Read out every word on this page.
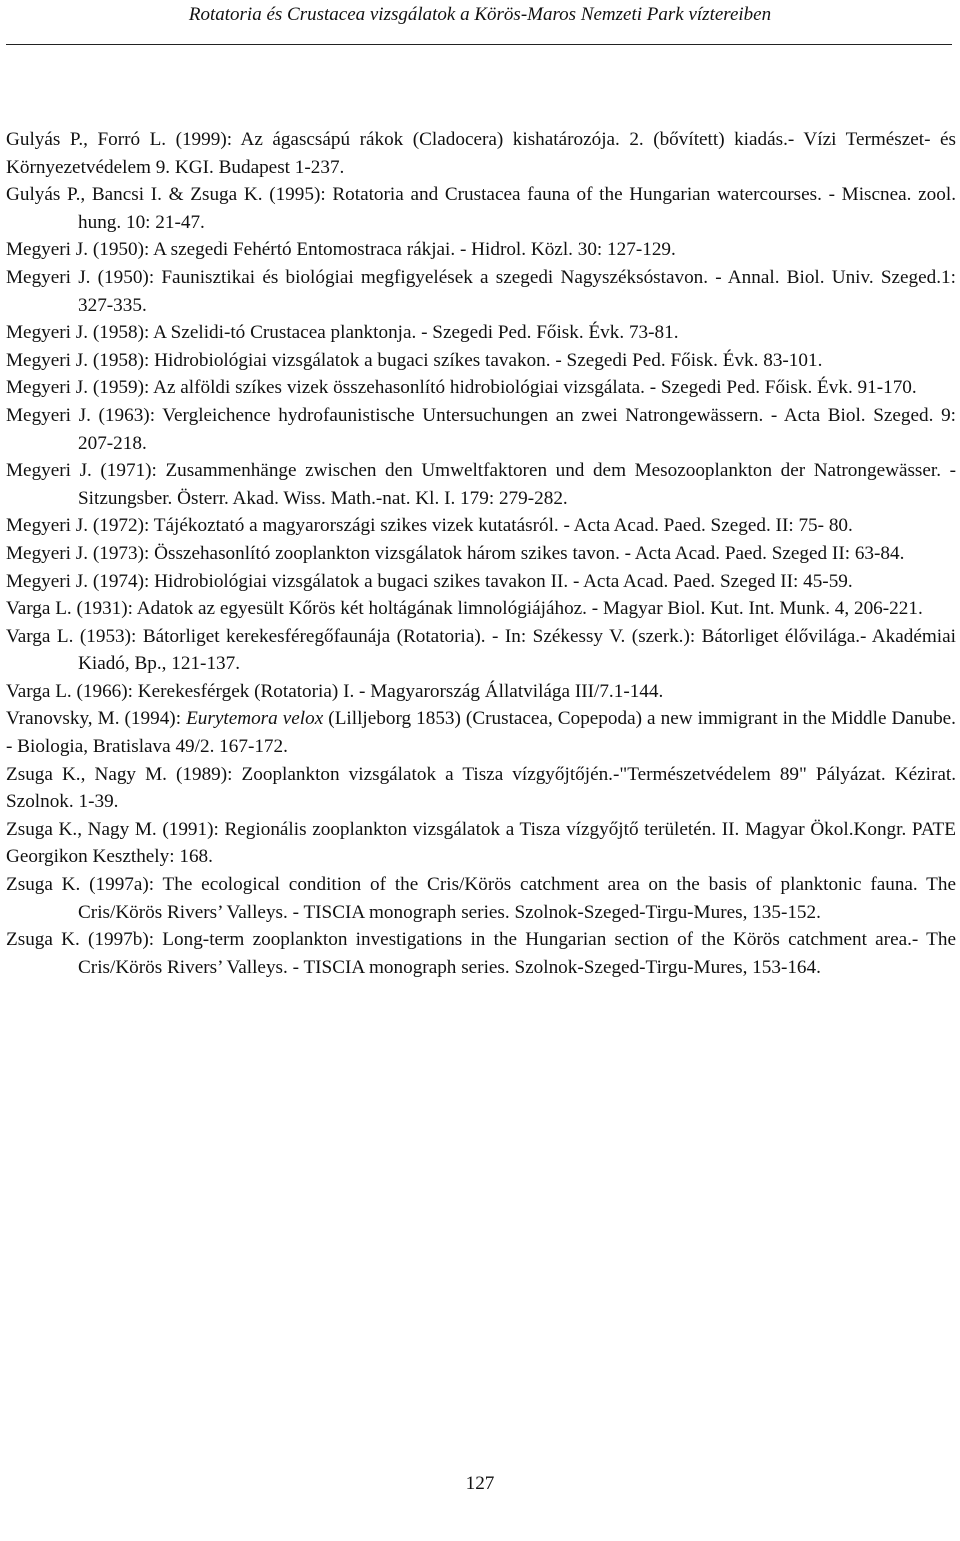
Rotatoria és Crustacea vizsgálatok a Körös-Maros Nemzeti Park víztereiben

Gulyás P., Forró L. (1999): Az ágascsápú rákok (Cladocera) kishatározója. 2. (bővített) kiadás.- Vízi Természet- és Környezetvédelem 9. KGI. Budapest 1-237.

Gulyás P., Bancsi I. & Zsuga K. (1995): Rotatoria and Crustacea fauna of the Hungarian watercourses. - Miscnea. zool. hung. 10: 21-47.

Megyeri J. (1950): A szegedi Fehértó Entomostraca rákjai. - Hidrol. Közl. 30: 127-129.

Megyeri J. (1950): Faunisztikai és biológiai megfigyelések a szegedi Nagyszéksóstavon. - Annal. Biol. Univ. Szeged.1: 327-335.

Megyeri J. (1958): A Szelidi-tó Crustacea planktonja. - Szegedi Ped. Főisk. Évk. 73-81.

Megyeri J. (1958): Hidrobiológiai vizsgálatok a bugaci szíkes tavakon. - Szegedi Ped. Főisk. Évk. 83-101.

Megyeri J. (1959): Az alföldi szíkes vizek összehasonlító hidrobiológiai vizsgálata. - Szegedi Ped. Főisk. Évk. 91-170.

Megyeri J. (1963): Vergleichence hydrofaunistische Untersuchungen an zwei Natrongewässern. - Acta Biol. Szeged. 9: 207-218.

Megyeri J. (1971): Zusammenhänge zwischen den Umweltfaktoren und dem Mesozooplankton der Natrongewässer. - Sitzungsber. Österr. Akad. Wiss. Math.-nat. Kl. I. 179: 279-282.

Megyeri J. (1972): Tájékoztató a magyarországi szikes vizek kutatásról. - Acta Acad. Paed. Szeged. II: 75- 80.

Megyeri J. (1973): Összehasonlító zooplankton vizsgálatok három szikes tavon. - Acta Acad. Paed. Szeged II: 63-84.

Megyeri J. (1974): Hidrobiológiai vizsgálatok a bugaci szikes tavakon II. - Acta Acad. Paed. Szeged II: 45-59.

Varga L. (1931): Adatok az egyesült Kőrös két holtágának limnológiájához. - Magyar Biol. Kut. Int. Munk. 4, 206-221.

Varga L. (1953): Bátorliget kerekesféregőfaunája (Rotatoria). - In: Székessy V. (szerk.): Bátorliget élővilága.- Akadémiai Kiadó, Bp., 121-137.

Varga L. (1966): Kerekesférgek (Rotatoria) I. - Magyarország Állatvilága III/7.1-144.

Vranovsky, M. (1994): Eurytemora velox (Lilljeborg 1853) (Crustacea, Copepoda) a new immigrant in the Middle Danube. - Biologia, Bratislava 49/2. 167-172.

Zsuga K., Nagy M. (1989): Zooplankton vizsgálatok a Tisza vízgyőjtőjén.-"Természetvédelem 89" Pályázat. Kézirat. Szolnok. 1-39.

Zsuga K., Nagy M. (1991): Regionális zooplankton vizsgálatok a Tisza vízgyőjtő területén. II. Magyar Ökol.Kongr. PATE Georgikon Keszthely: 168.

Zsuga K. (1997a): The ecological condition of the Cris/Körös catchment area on the basis of planktonic fauna. The Cris/Körös Rivers’ Valleys. - TISCIA monograph series. Szolnok-Szeged-Tirgu-Mures, 135-152.

Zsuga K. (1997b): Long-term zooplankton investigations in the Hungarian section of the Körös catchment area.- The Cris/Körös Rivers’ Valleys. - TISCIA monograph series. Szolnok-Szeged-Tirgu-Mures, 153-164.

127
